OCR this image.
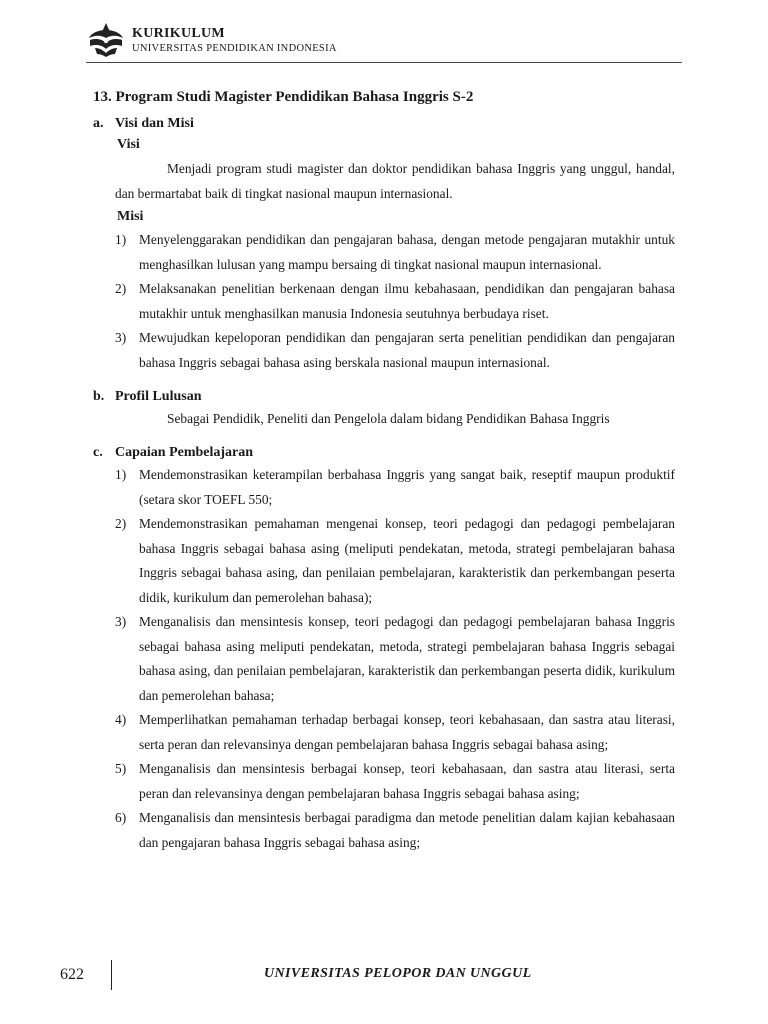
KURIKULUM
UNIVERSITAS PENDIDIKAN INDONESIA
13. Program Studi Magister Pendidikan Bahasa Inggris S-2
a. Visi dan Misi
Visi
Menjadi program studi magister dan doktor pendidikan bahasa Inggris yang unggul, handal, dan bermartabat baik di tingkat nasional maupun internasional.
Misi
1) Menyelenggarakan pendidikan dan pengajaran bahasa, dengan metode pengajaran mutakhir untuk menghasilkan lulusan yang mampu bersaing di tingkat nasional maupun internasional.
2) Melaksanakan penelitian berkenaan dengan ilmu kebahasaan, pendidikan dan pengajaran bahasa mutakhir untuk menghasilkan manusia Indonesia seutuhnya berbudaya riset.
3) Mewujudkan kepeloporan pendidikan dan pengajaran serta penelitian pendidikan dan pengajaran bahasa Inggris sebagai bahasa asing berskala nasional maupun internasional.
b. Profil Lulusan
Sebagai Pendidik, Peneliti dan Pengelola dalam bidang Pendidikan Bahasa Inggris
c. Capaian Pembelajaran
1) Mendemonstrasikan keterampilan berbahasa Inggris yang sangat baik, reseptif maupun produktif (setara skor TOEFL 550;
2) Mendemonstrasikan pemahaman mengenai konsep, teori pedagogi dan pedagogi pembelajaran bahasa Inggris sebagai bahasa asing (meliputi pendekatan, metoda, strategi pembelajaran bahasa Inggris sebagai bahasa asing, dan penilaian pembelajaran, karakteristik dan perkembangan peserta didik, kurikulum dan pemerolehan bahasa);
3) Menganalisis dan mensintesis konsep, teori pedagogi dan pedagogi pembelajaran bahasa Inggris sebagai bahasa asing meliputi pendekatan, metoda, strategi pembelajaran bahasa Inggris sebagai bahasa asing, dan penilaian pembelajaran, karakteristik dan perkembangan peserta didik, kurikulum dan pemerolehan bahasa;
4) Memperlihatkan pemahaman terhadap berbagai konsep, teori kebahasaan, dan sastra atau literasi, serta peran dan relevansinya dengan pembelajaran bahasa Inggris sebagai bahasa asing;
5) Menganalisis dan mensintesis berbagai konsep, teori kebahasaan, dan sastra atau literasi, serta peran dan relevansinya dengan pembelajaran bahasa Inggris sebagai bahasa asing;
6) Menganalisis dan mensintesis berbagai paradigma dan metode penelitian dalam kajian kebahasaan dan pengajaran bahasa Inggris sebagai bahasa asing;
622	UNIVERSITAS PELOPOR DAN UNGGUL
